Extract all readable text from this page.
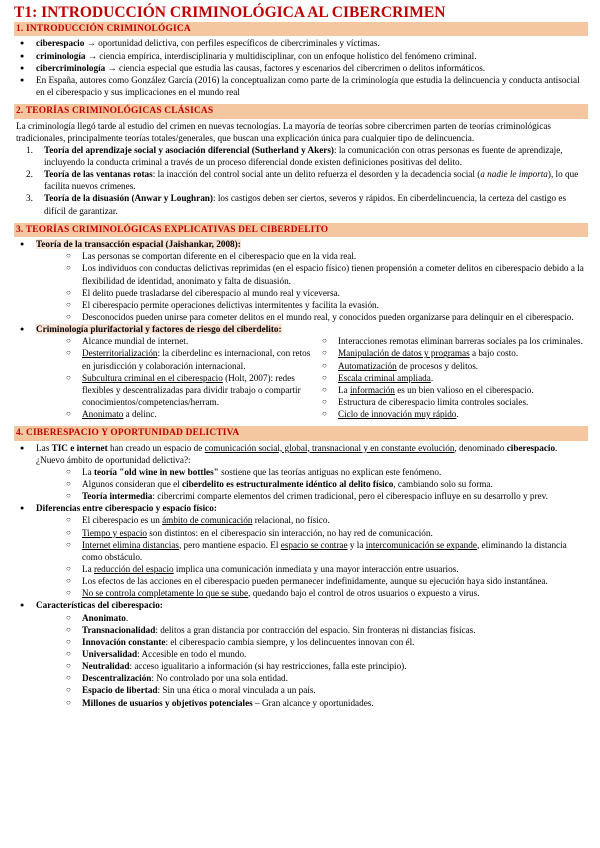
T1: INTRODUCCIÓN CRIMINOLÓGICA AL CIBERCRIMEN
1. INTRODUCCIÓN CRIMINOLÓGICA
● ciberespacio → oportunidad delictiva, con perfiles específicos de cibercriminales y víctimas.
● criminología → ciencia empírica, interdisciplinaria y multidisciplinar, con un enfoque holístico del fenómeno criminal.
● cibercriminología → ciencia especial que estudia las causas, factores y escenarios del cibercrimen o delitos informáticos.
● En España, autores como González García (2016) la conceptualizan como parte de la criminología que estudia la delincuencia y conducta antisocial en el ciberespacio y sus implicaciones en el mundo real
2. TEORÍAS CRIMINOLÓGICAS CLÁSICAS
La criminología llegó tarde al estudio del crimen en nuevas tecnologías. La mayoría de teorías sobre cibercrimen parten de teorías criminológicas tradicionales, principalmente teorías totales/generales, que buscan una explicación única para cualquier tipo de delincuencia.
1. Teoría del aprendizaje social y asociación diferencial (Sutherland y Akers): la comunicación con otras personas es fuente de aprendizaje, incluyendo la conducta criminal a través de un proceso diferencial donde existen definiciones positivas del delito.
2. Teoría de las ventanas rotas: la inacción del control social ante un delito refuerza el desorden y la decadencia social (a nadie le importa), lo que facilita nuevos crímenes.
3. Teoría de la disuasión (Anwar y Loughran): los castigos deben ser ciertos, severos y rápidos. En ciberdelincuencia, la certeza del castigo es difícil de garantizar.
3. TEORÍAS CRIMINOLÓGICAS EXPLICATIVAS DEL CIBERDELITO
● Teoría de la transacción espacial (Jaishankar, 2008):
○ Las personas se comportan diferente en el ciberespacio que en la vida real.
○ Los individuos con conductas delictivas reprimidas (en el espacio físico) tienen propensión a cometer delitos en ciberespacio debido a la flexibilidad de identidad, anonimato y falta de disuasión.
○ El delito puede trasladarse del ciberespacio al mundo real y viceversa.
○ El ciberespacio permite operaciones delictivas intermitentes y facilita la evasión.
○ Desconocidos pueden unirse para cometer delitos en el mundo real, y conocidos pueden organizarse para delinquir en el ciberespacio.
● Criminología plurifactorial y factores de riesgo del ciberdelito:
○ Alcance mundial de internet.
○ Desterritorialización: la ciberdelinc es internacional, con retos en jurisdicción y colaboración internacional.
○ Subcultura criminal en el ciberespacio (Holt, 2007): redes flexibles y descentralizadas para dividir trabajo o compartir conocimientos/competencias/herram.
○ Anonimato a delinc.
○ Interacciones remotas eliminan barreras sociales pa los criminales.
○ Manipulación de datos y programas a bajo costo.
○ Automatización de procesos y delitos.
○ Escala criminal ampliada.
○ La información es un bien valioso en el ciberespacio.
○ Estructura de ciberespacio limita controles sociales.
○ Ciclo de innovación muy rápido.
4. CIBERESPACIO Y OPORTUNIDAD DELICTIVA
● Las TIC e internet han creado un espacio de comunicación social, global, transnacional y en constante evolución, denominado ciberespacio. ¿Nuevo ámbito de oportunidad delictiva?:
○ La teoría "old wine in new bottles" sostiene que las teorías antiguas no explican este fenómeno.
○ Algunos consideran que el ciberdelito es estructuralmente idéntico al delito físico, cambiando solo su forma.
○ Teoría intermedia: cibercrimi comparte elementos del crimen tradicional, pero el ciberespacio influye en su desarrollo y prev.
● Diferencias entre ciberespacio y espacio físico:
○ El ciberespacio es un ámbito de comunicación relacional, no físico.
○ Tiempo y espacio son distintos: en el ciberespacio sin interacción, no hay red de comunicación.
○ Internet elimina distancias, pero mantiene espacio. El espacio se contrae y la intercomunicación se expande, eliminando la distancia como obstáculo.
○ La reducción del espacio implica una comunicación inmediata y una mayor interacción entre usuarios.
○ Los efectos de las acciones en el ciberespacio pueden permanecer indefinidamente, aunque su ejecución haya sido instantánea.
○ No se controla completamente lo que se sube, quedando bajo el control de otros usuarios o expuesto a virus.
● Características del ciberespacio:
○ Anonimato.
○ Transnacionalidad: delitos a gran distancia por contracción del espacio. Sin fronteras ni distancias físicas.
○ Innovación constante: el ciberespacio cambia siempre, y los delincuentes innovan con él.
○ Universalidad: Accesible en todo el mundo.
○ Neutralidad: acceso igualitario a información (si hay restricciones, falla este principio).
○ Descentralización: No controlado por una sola entidad.
○ Espacio de libertad: Sin una ética o moral vinculada a un país.
○ Millones de usuarios y objetivos potenciales – Gran alcance y oportunidades.
